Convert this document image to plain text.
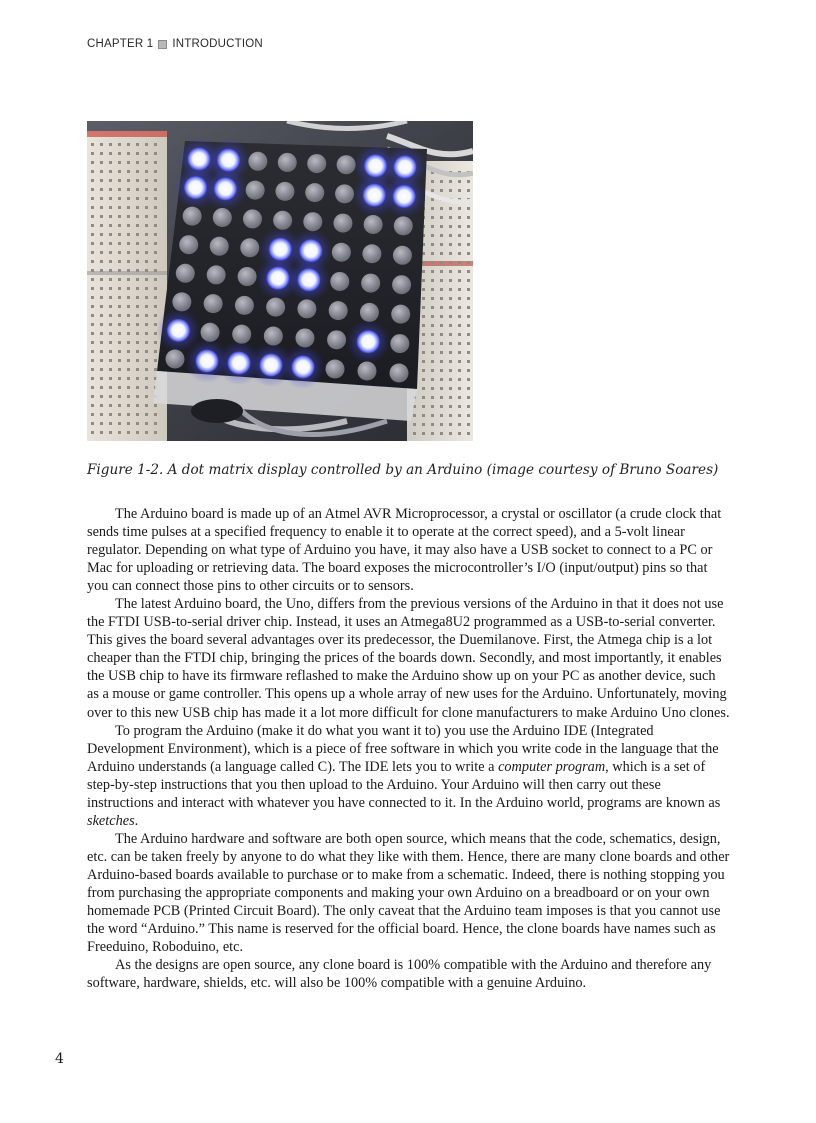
CHAPTER 1 INTRODUCTION
Figure 1-2. A dot matrix display controlled by an Arduino (image courtesy of Bruno Soares)

The Arduino board is made up of an Atmel AVR Microprocessor, a crystal or oscillator (a crude clock that sends time pulses at a specified frequency to enable it to operate at the correct speed), and a 5-volt linear regulator. Depending on what type of Arduino you have, it may also have a USB socket to connect to a PC or Mac for uploading or retrieving data. The board exposes the microcontroller’s I/O (input/output) pins so that you can connect those pins to other circuits or to sensors.

The latest Arduino board, the Uno, differs from the previous versions of the Arduino in that it does not use the FTDI USB-to-serial driver chip. Instead, it uses an Atmega8U2 programmed as a USB-to-serial converter. This gives the board several advantages over its predecessor, the Duemilanove. First, the Atmega chip is a lot cheaper than the FTDI chip, bringing the prices of the boards down. Secondly, and most importantly, it enables the USB chip to have its firmware reflashed to make the Arduino show up on your PC as another device, such as a mouse or game controller. This opens up a whole array of new uses for the Arduino. Unfortunately, moving over to this new USB chip has made it a lot more difficult for clone manufacturers to make Arduino Uno clones.

To program the Arduino (make it do what you want it to) you use the Arduino IDE (Integrated Development Environment), which is a piece of free software in which you write code in the language that the Arduino understands (a language called C). The IDE lets you to write a computer program, which is a set of step-by-step instructions that you then upload to the Arduino. Your Arduino will then carry out these instructions and interact with whatever you have connected to it. In the Arduino world, programs are known as sketches.

The Arduino hardware and software are both open source, which means that the code, schematics, design, etc. can be taken freely by anyone to do what they like with them. Hence, there are many clone boards and other Arduino-based boards available to purchase or to make from a schematic. Indeed, there is nothing stopping you from purchasing the appropriate components and making your own Arduino on a breadboard or on your own homemade PCB (Printed Circuit Board). The only caveat that the Arduino team imposes is that you cannot use the word “Arduino.” This name is reserved for the official board. Hence, the clone boards have names such as Freeduino, Roboduino, etc.

As the designs are open source, any clone board is 100% compatible with the Arduino and therefore any software, hardware, shields, etc. will also be 100% compatible with a genuine Arduino.

4
